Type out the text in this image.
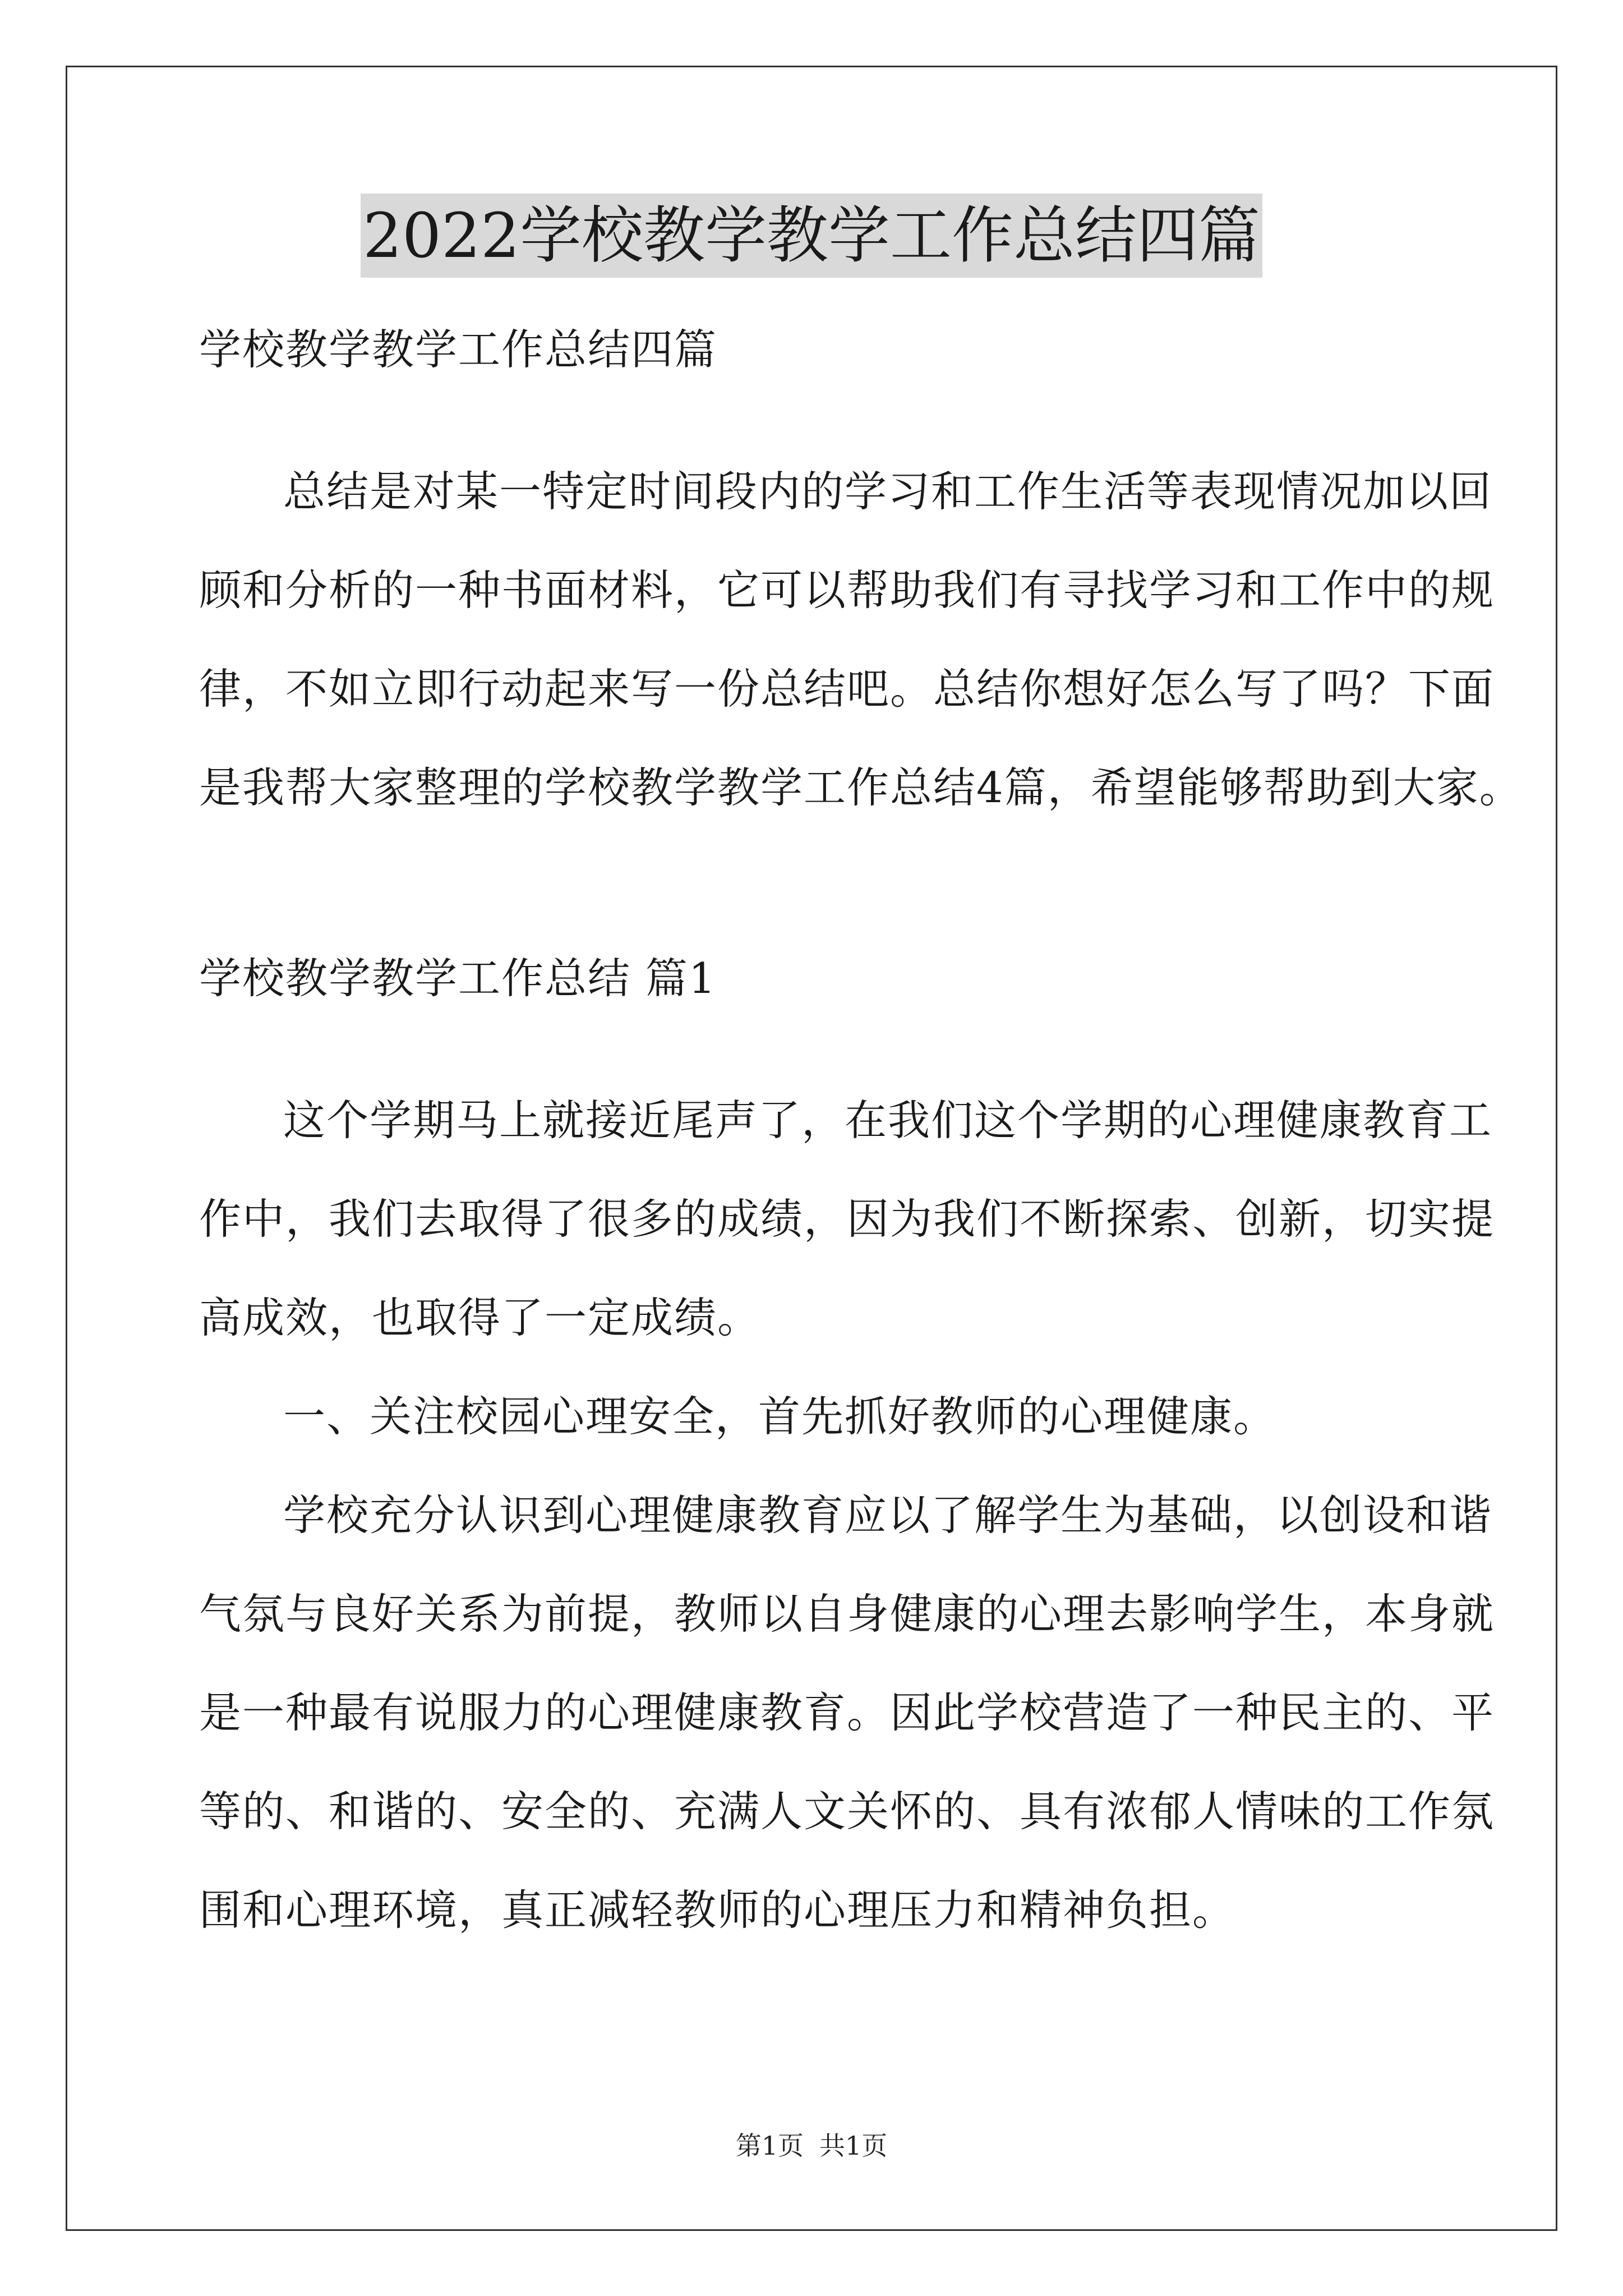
2022学校教学教学工作总结四篇
学校教学教学工作总结四篇
总结是对某一特定时间段内的学习和工作生活等表现情况加以回
顾和分析的一种书面材料，它可以帮助我们有寻找学习和工作中的规
律，不如立即行动起来写一份总结吧。总结你想好怎么写了吗？下面
是我帮大家整理的学校教学教学工作总结4篇，希望能够帮助到大家。
学校教学教学工作总结 篇1
这个学期马上就接近尾声了，在我们这个学期的心理健康教育工
作中，我们去取得了很多的成绩，因为我们不断探索、创新，切实提
高成效，也取得了一定成绩。
一、关注校园心理安全，首先抓好教师的心理健康。
学校充分认识到心理健康教育应以了解学生为基础，以创设和谐
气氛与良好关系为前提，教师以自身健康的心理去影响学生，本身就
是一种最有说服力的心理健康教育。因此学校营造了一种民主的、平
等的、和谐的、安全的、充满人文关怀的、具有浓郁人情味的工作氛
围和心理环境，真正减轻教师的心理压力和精神负担。
第1页 共1页
